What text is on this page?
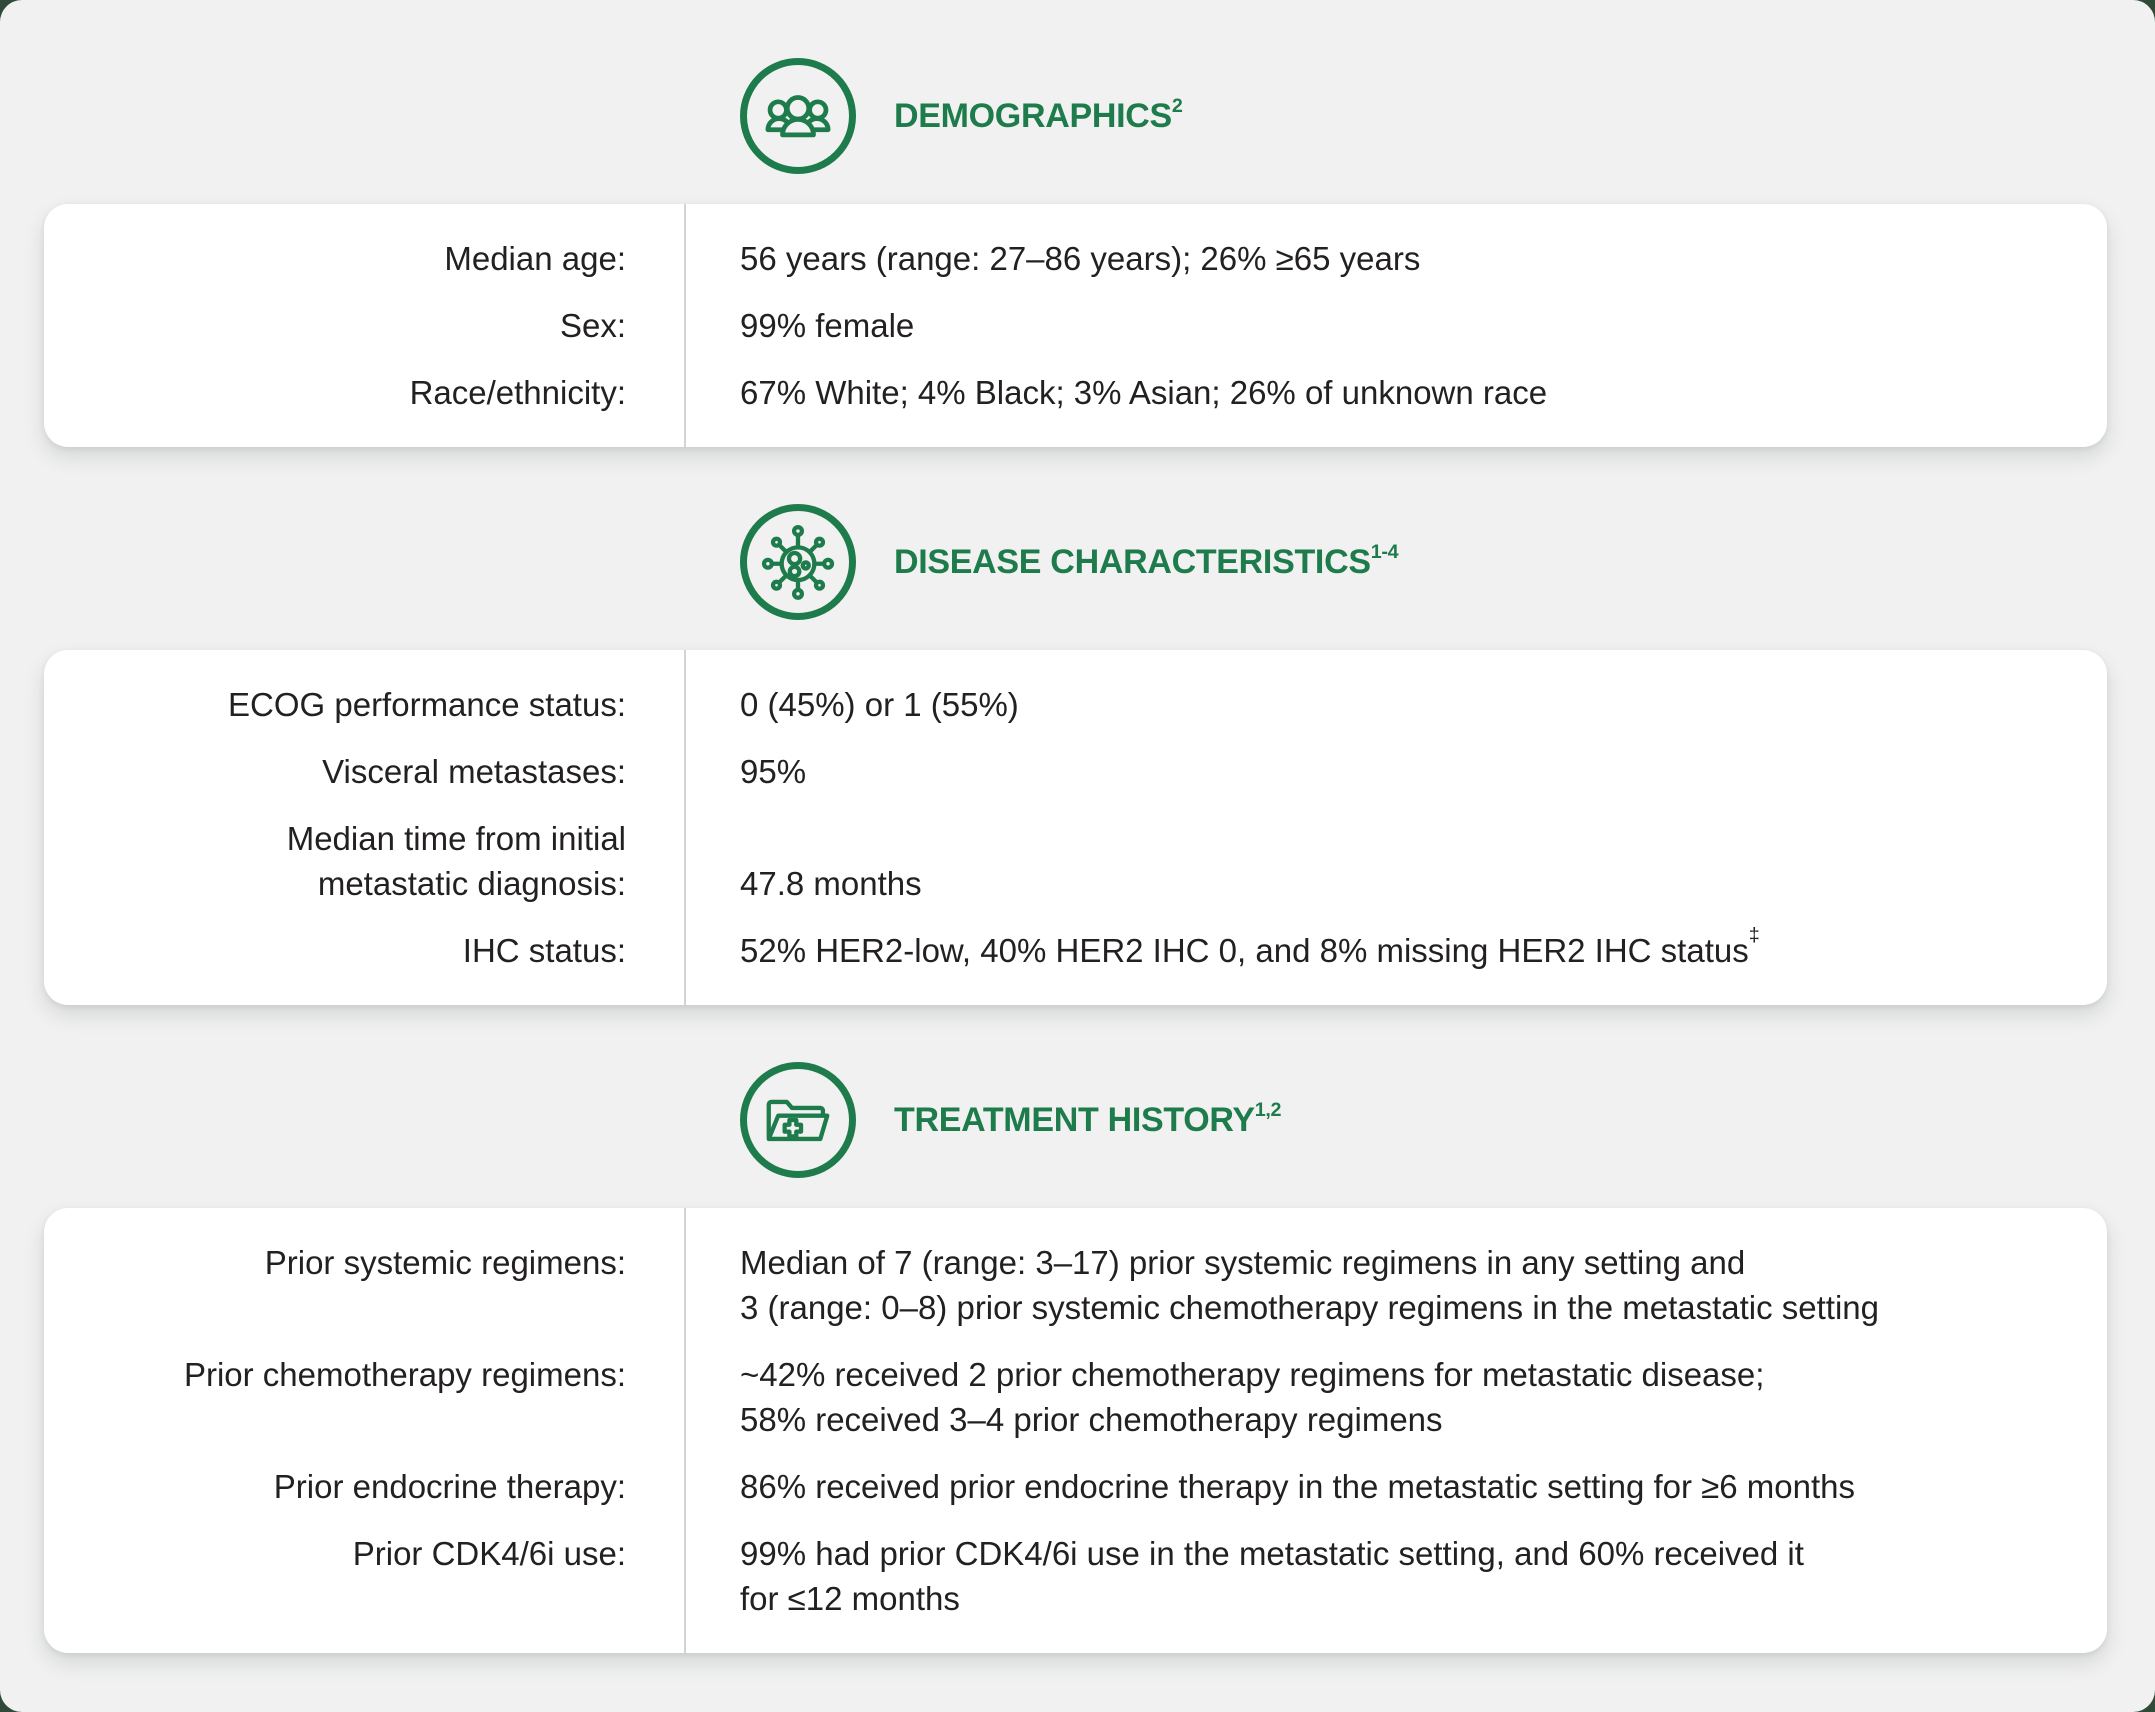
DEMOGRAPHICS$^2$
Median age:	56 years (range: 27–86 years); 26% ≥65 years
Sex:	99% female
Race/ethnicity:	67% White; 4% Black; 3% Asian; 26% of unknown race
DISEASE CHARACTERISTICS$^{1-4}$
ECOG performance status:	0 (45%) or 1 (55%)
Visceral metastases:	95%
Median time from initial
metastatic diagnosis:	47.8 months
IHC status:	52% HER2-low, 40% HER2 IHC 0, and 8% missing HER2 IHC status‡
TREATMENT HISTORY$^{1,2}$
Prior systemic regimens:	Median of 7 (range: 3–17) prior systemic regimens in any setting and
3 (range: 0–8) prior systemic chemotherapy regimens in the metastatic setting
Prior chemotherapy regimens:	~42% received 2 prior chemotherapy regimens for metastatic disease;
58% received 3–4 prior chemotherapy regimens
Prior endocrine therapy:	86% received prior endocrine therapy in the metastatic setting for ≥6 months
Prior CDK4/6i use:	99% had prior CDK4/6i use in the metastatic setting, and 60% received it
for ≤12 months
